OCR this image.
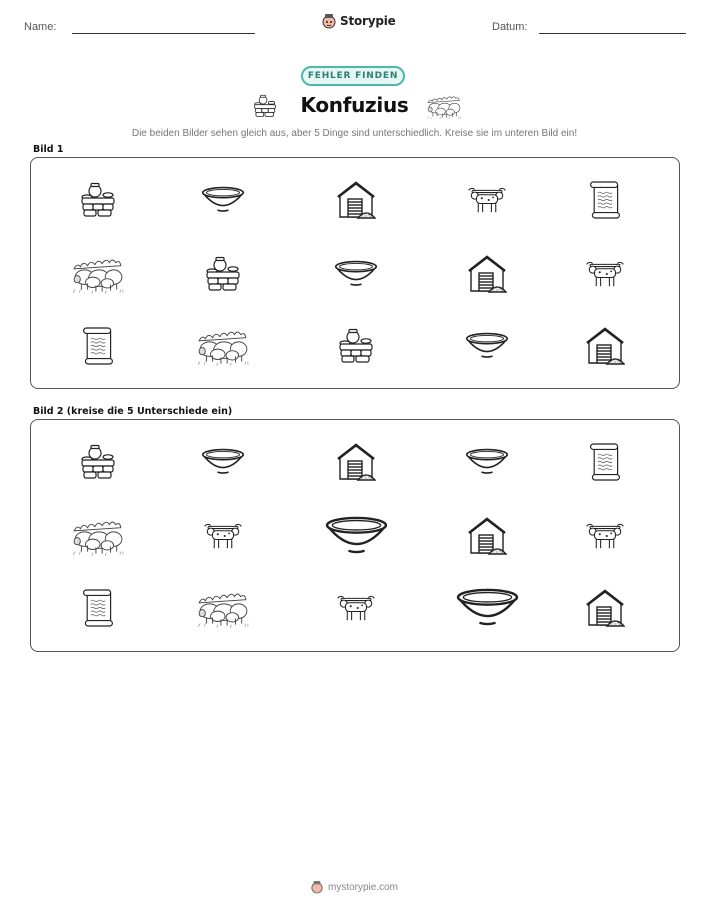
Name:	Storypie	Datum:
FEHLER FINDEN
Konfuzius
Die beiden Bilder sehen gleich aus, aber 5 Dinge sind unterschiedlich. Kreise sie im unteren Bild ein!
Bild 1
Bild 2 (kreise die 5 Unterschiede ein)
mystorypie.com
